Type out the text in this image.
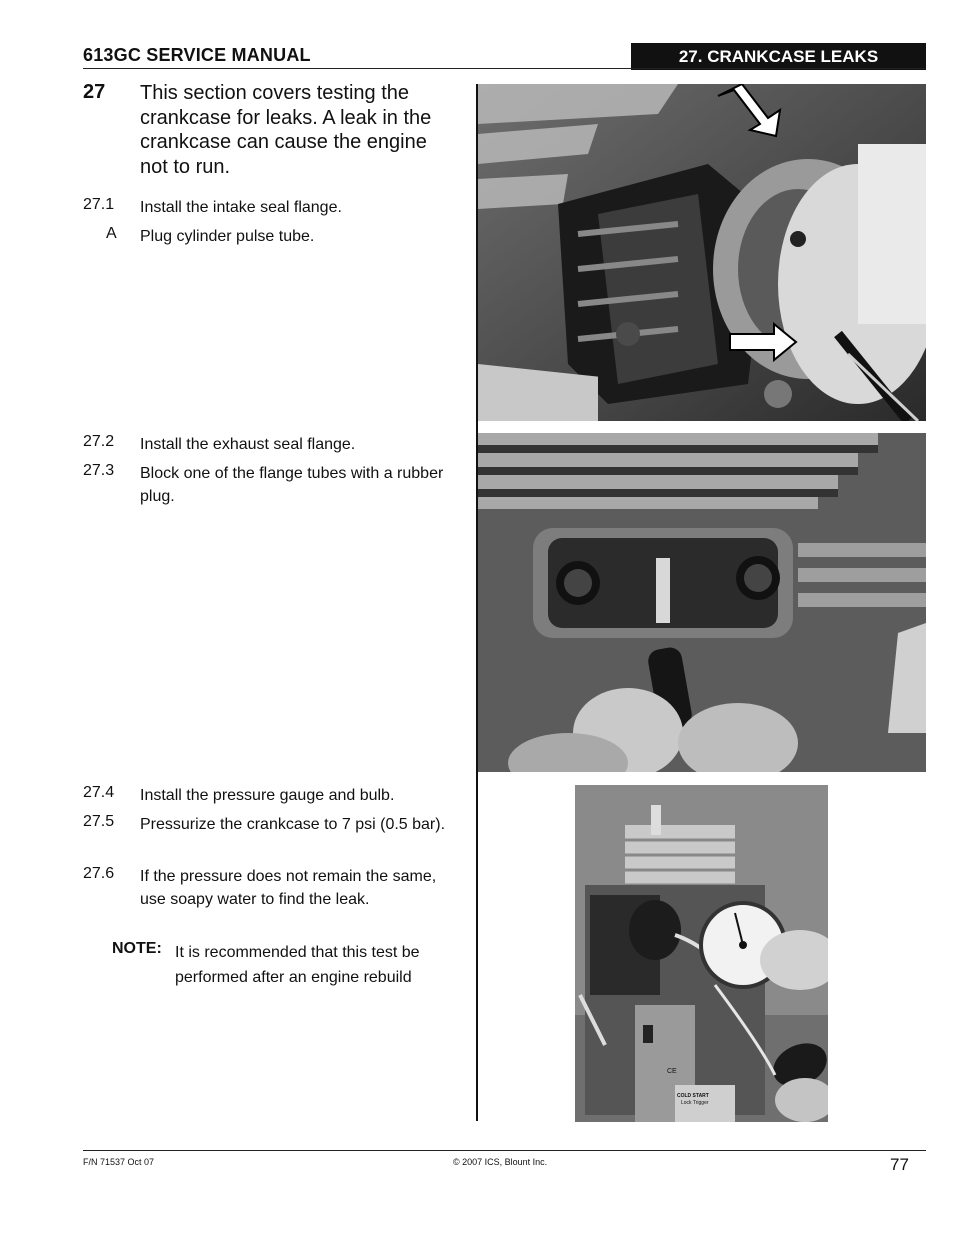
613GC SERVICE MANUAL	27. CRANKCASE LEAKS
27 This section covers testing the crankcase for leaks. A leak in the crankcase can cause the engine not to run.
27.1 Install the intake seal flange.
A Plug cylinder pulse tube.
27.2 Install the exhaust seal flange.
27.3 Block one of the flange tubes with a rubber plug.
27.4 Install the pressure gauge and bulb.
27.5 Pressurize the crankcase to 7 psi (0.5 bar).
27.6 If the pressure does not remain the same, use soapy water to find the leak.
NOTE: It is recommended that this test be performed after an engine rebuild
CE
COLD START
Lock Trigger
F/N 71537 Oct 07	© 2007 ICS, Blount Inc.	77
